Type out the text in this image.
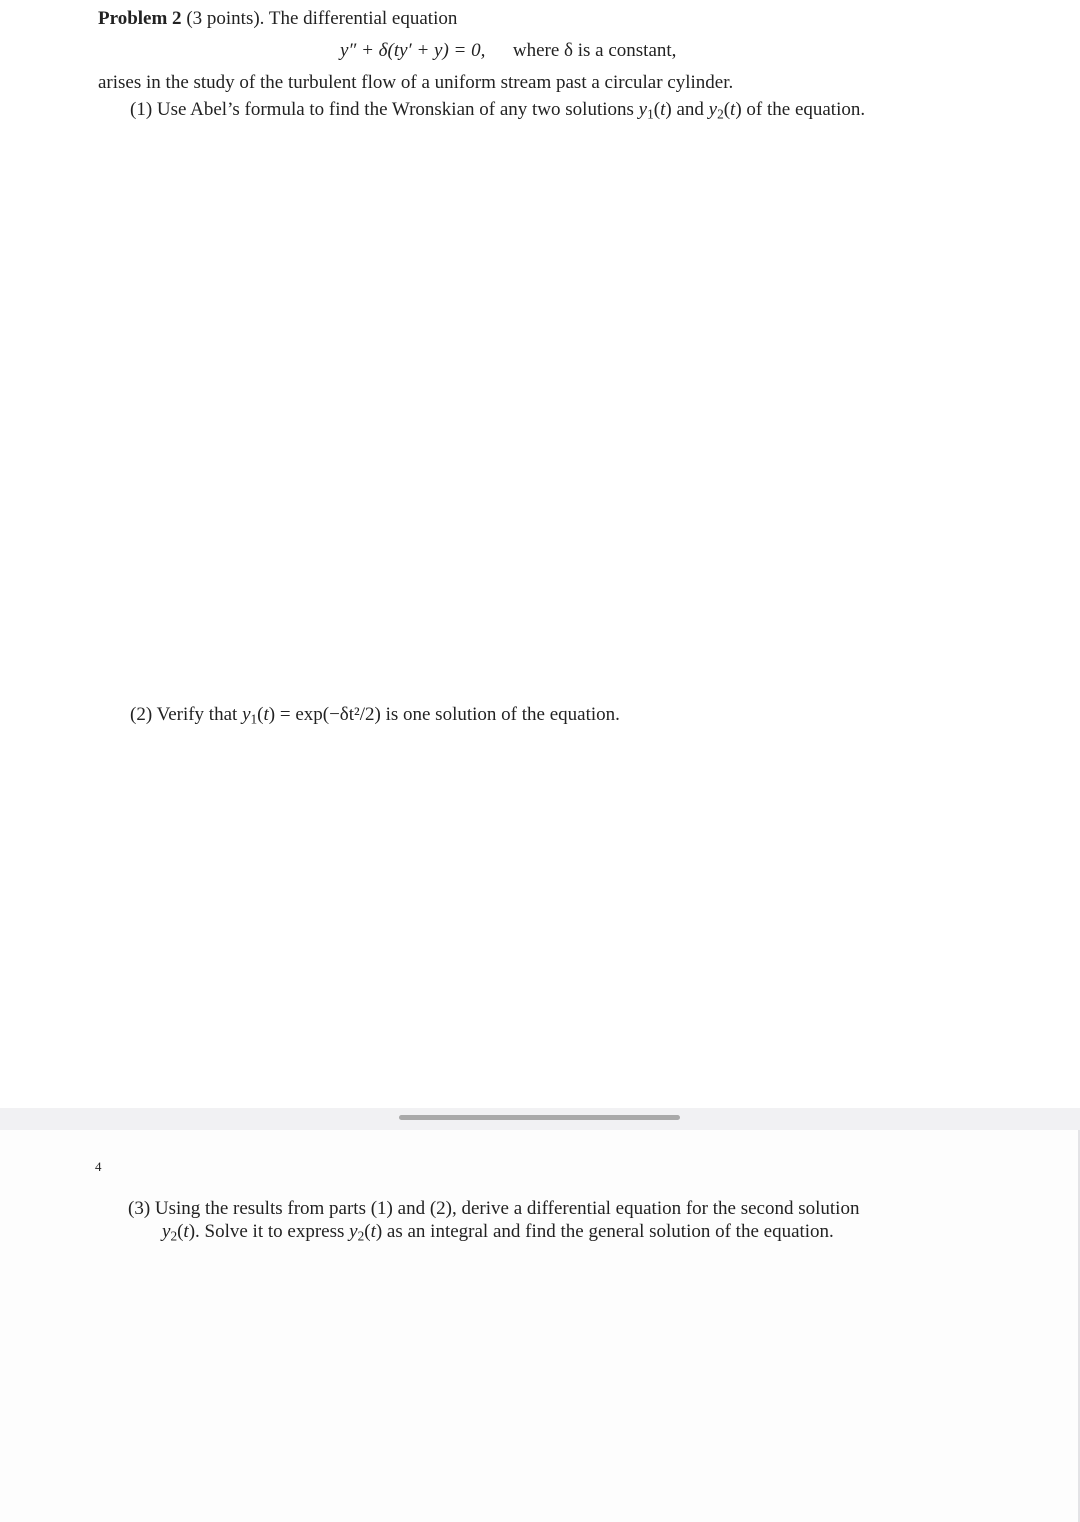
Problem 2 (3 points). The differential equation
y″ + δ(ty′ + y) = 0, where δ is a constant,
arises in the study of the turbulent flow of a uniform stream past a circular cylinder.
(1) Use Abel’s formula to find the Wronskian of any two solutions $y_1(t)$ and $y_2(t)$ of the equation.
(2) Verify that $y_1(t) = \exp(-\delta t^2/2)$ is one solution of the equation.
4
(3) Using the results from parts (1) and (2), derive a differential equation for the second solution
$y_2(t)$. Solve it to express $y_2(t)$ as an integral and find the general solution of the equation.
